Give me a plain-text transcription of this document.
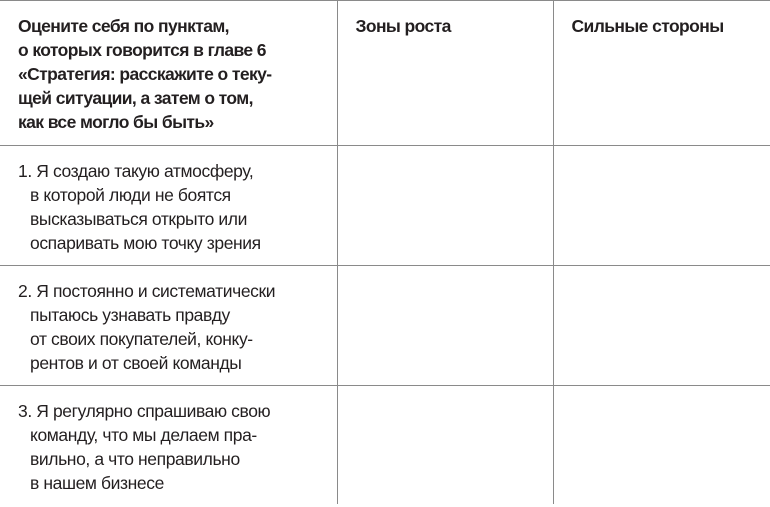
Оцените себя по пунктам,
о которых говорится в главе 6
«Стратегия: расскажите о теку-
щей ситуации, а затем о том,
как все могло бы быть»	Зоны роста	Сильные стороны

1. Я создаю такую атмосферу,
в которой люди не боятся
высказываться открыто или
оспаривать мою точку зрения		

2. Я постоянно и систематически
пытаюсь узнавать правду
от своих покупателей, конку-
рентов и от своей команды		

3. Я регулярно спрашиваю свою
команду, что мы делаем пра-
вильно, а что неправильно
в нашем бизнесе		
